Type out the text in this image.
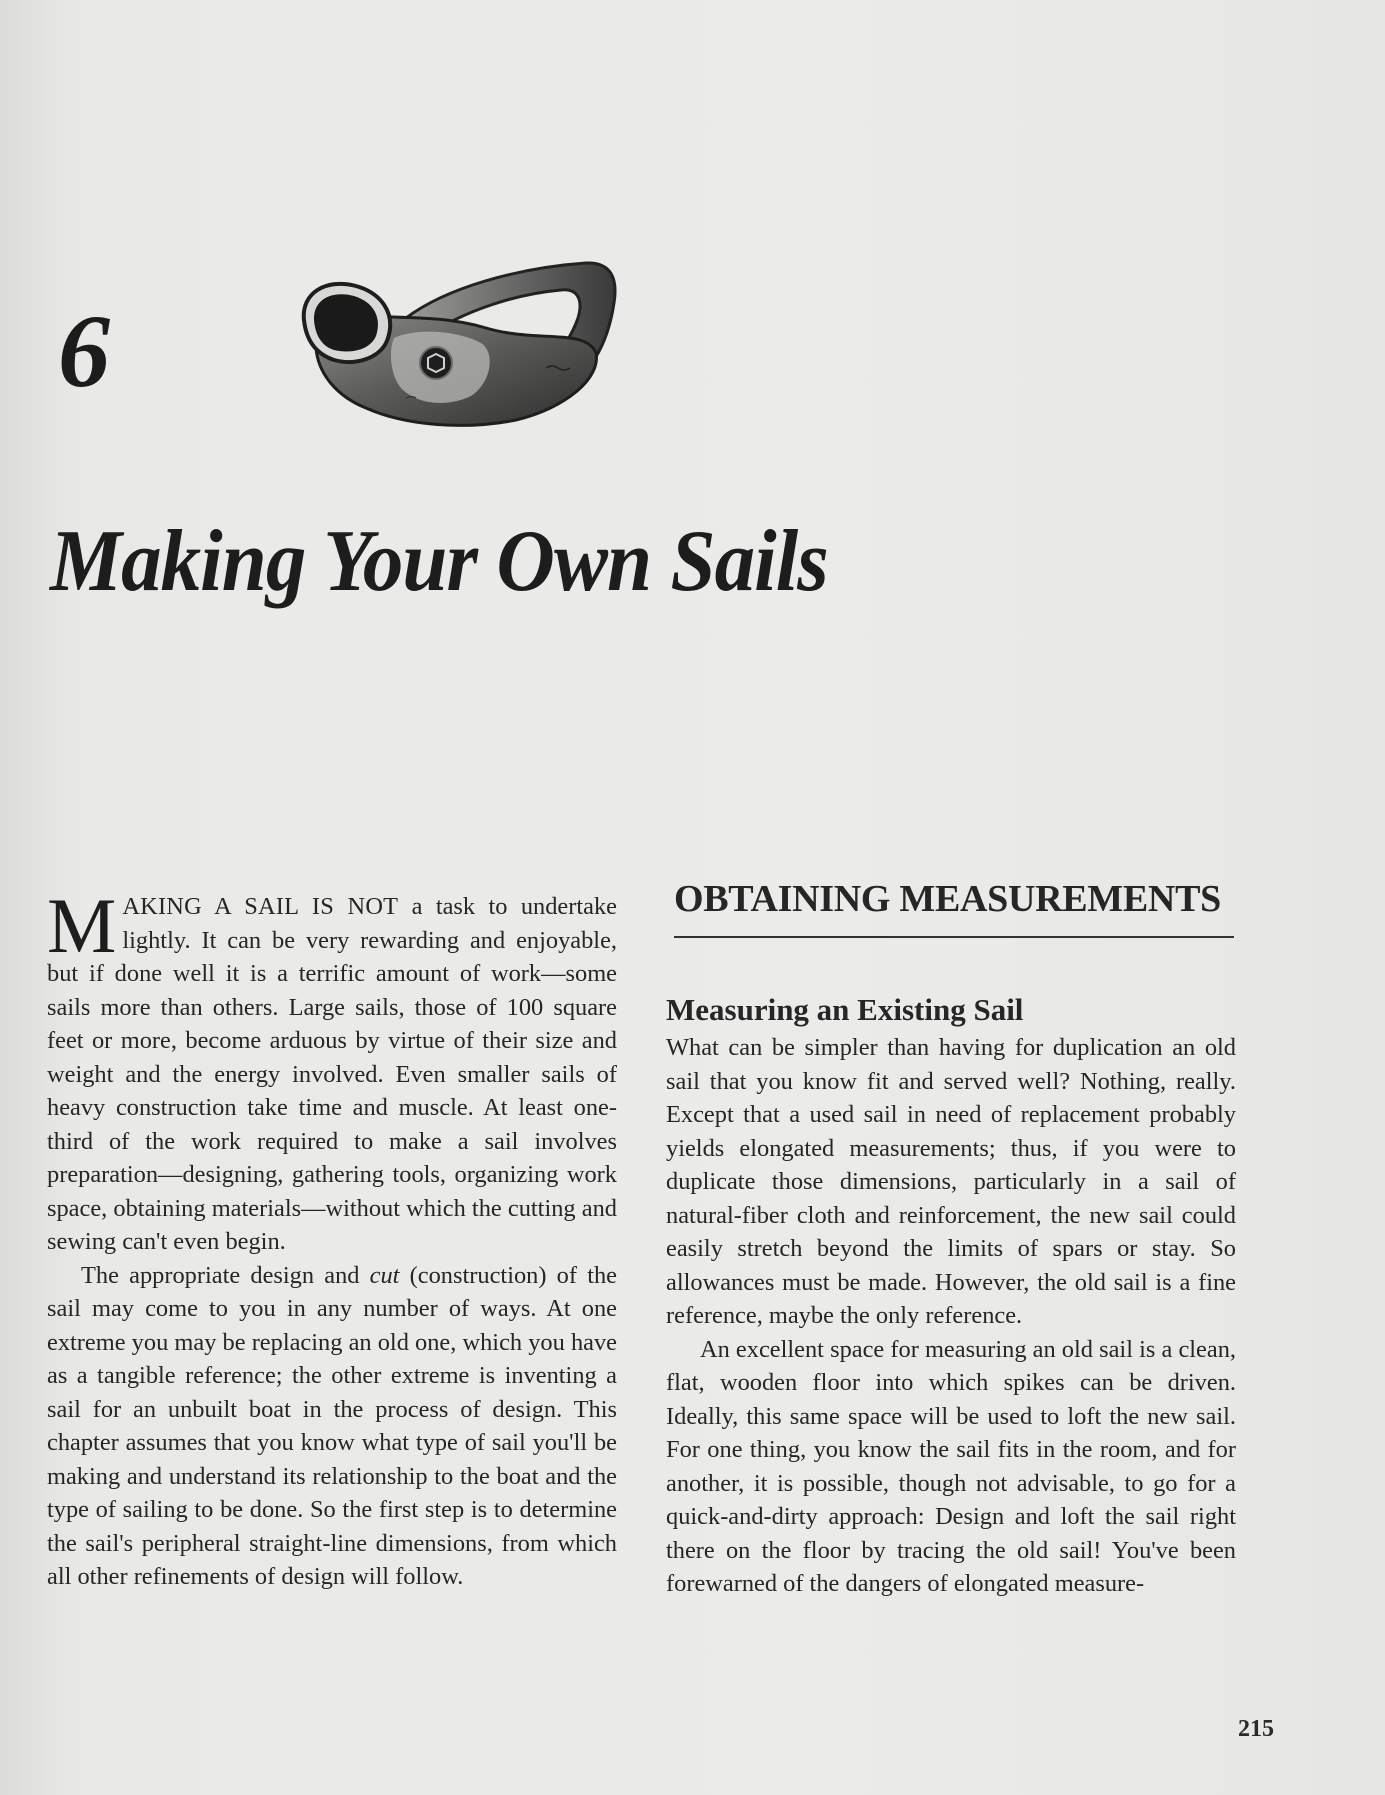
6
Making Your Own Sails

MAKING A SAIL IS NOT a task to undertake lightly. It can be very rewarding and enjoyable, but if done well it is a terrific amount of work—some sails more than others. Large sails, those of 100 square feet or more, become arduous by virtue of their size and weight and the energy involved. Even smaller sails of heavy construction take time and muscle. At least one-third of the work required to make a sail involves preparation—designing, gathering tools, organizing work space, obtaining materials—without which the cutting and sewing can't even begin.

The appropriate design and cut (construction) of the sail may come to you in any number of ways. At one extreme you may be replacing an old one, which you have as a tangible reference; the other extreme is inventing a sail for an unbuilt boat in the process of design. This chapter assumes that you know what type of sail you'll be making and understand its relationship to the boat and the type of sailing to be done. So the first step is to determine the sail's peripheral straight-line dimensions, from which all other refinements of design will follow.

OBTAINING MEASUREMENTS
Measuring an Existing Sail

What can be simpler than having for duplication an old sail that you know fit and served well? Nothing, really. Except that a used sail in need of replacement probably yields elongated measurements; thus, if you were to duplicate those dimensions, particularly in a sail of natural-fiber cloth and reinforcement, the new sail could easily stretch beyond the limits of spars or stay. So allowances must be made. However, the old sail is a fine reference, maybe the only reference.

An excellent space for measuring an old sail is a clean, flat, wooden floor into which spikes can be driven. Ideally, this same space will be used to loft the new sail. For one thing, you know the sail fits in the room, and for another, it is possible, though not advisable, to go for a quick-and-dirty approach: Design and loft the sail right there on the floor by tracing the old sail! You've been forewarned of the dangers of elongated measure-

215
